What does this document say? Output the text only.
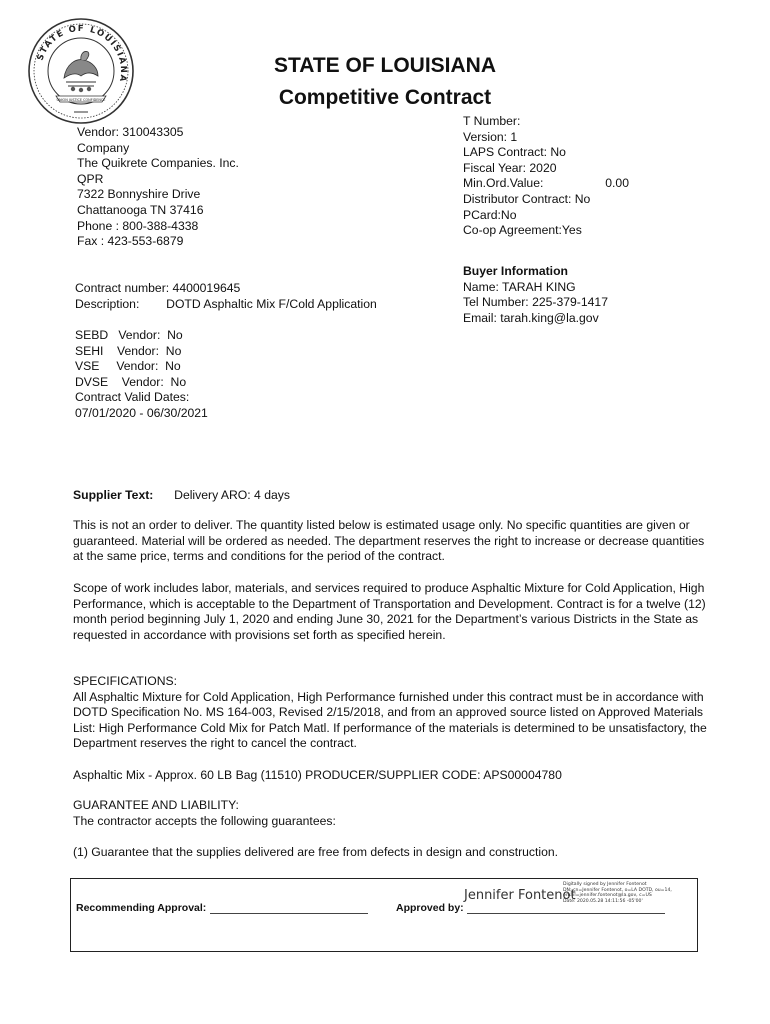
STATE OF LOUISIANA
UNION JUSTICE CONFIDENCE
STATE OF LOUISIANA
Competitive Contract
Vendor: 310043305
Company
The Quikrete Companies. Inc.
QPR
7322 Bonnyshire Drive
Chattanooga TN 37416
Phone : 800-388-4338
Fax : 423-553-6879
T Number:
Version: 1
LAPS Contract: No
Fiscal Year: 2020
Min.Ord.Value:	0.00
Distributor Contract: No
PCard:No
Co-op Agreement:Yes
Buyer Information
Name: TARAH KING
Tel Number: 225-379-1417
Email: tarah.king@la.gov
Contract number: 4400019645
Description: DOTD Asphaltic Mix F/Cold Application
SEBD   Vendor:  No
SEHI    Vendor:  No
VSE     Vendor:  No
DVSE    Vendor:  No
Contract Valid Dates:
07/01/2020 - 06/30/2021
Supplier Text: Delivery ARO: 4 days

This is not an order to deliver. The quantity listed below is estimated usage only. No specific quantities are given or guaranteed. Material will be ordered as needed. The department reserves the right to increase or decrease quantities at the same price, terms and conditions for the period of the contract.

Scope of work includes labor, materials, and services required to produce Asphaltic Mixture for Cold Application, High Performance, which is acceptable to the Department of Transportation and Development. Contract is for a twelve (12) month period beginning July 1, 2020 and ending June 30, 2021 for the Department’s various Districts in the State as requested in accordance with provisions set forth as specified herein.

SPECIFICATIONS:

All Asphaltic Mixture for Cold Application, High Performance furnished under this contract must be in accordance with DOTD Specification No. MS 164-003, Revised 2/15/2018, and from an approved source listed on Approved Materials List: High Performance Cold Mix for Patch Matl. If performance of the materials is determined to be unsatisfactory, the Department reserves the right to cancel the contract.

Asphaltic Mix - Approx. 60 LB Bag (11510) PRODUCER/SUPPLIER CODE: APS00004780

GUARANTEE AND LIABILITY:

The contractor accepts the following guarantees:

(1) Guarantee that the supplies delivered are free from defects in design and construction.

Recommending Approval:	Approved by:
Jennifer Fontenot
Digitally signed by Jennifer Fontenot
DN: cn=Jennifer Fontenot, o=LA DOTD, ou=14,
email=jennifer.fontenot@la.gov, c=US
Date: 2020.05.28 14:11:56 -05'00'
